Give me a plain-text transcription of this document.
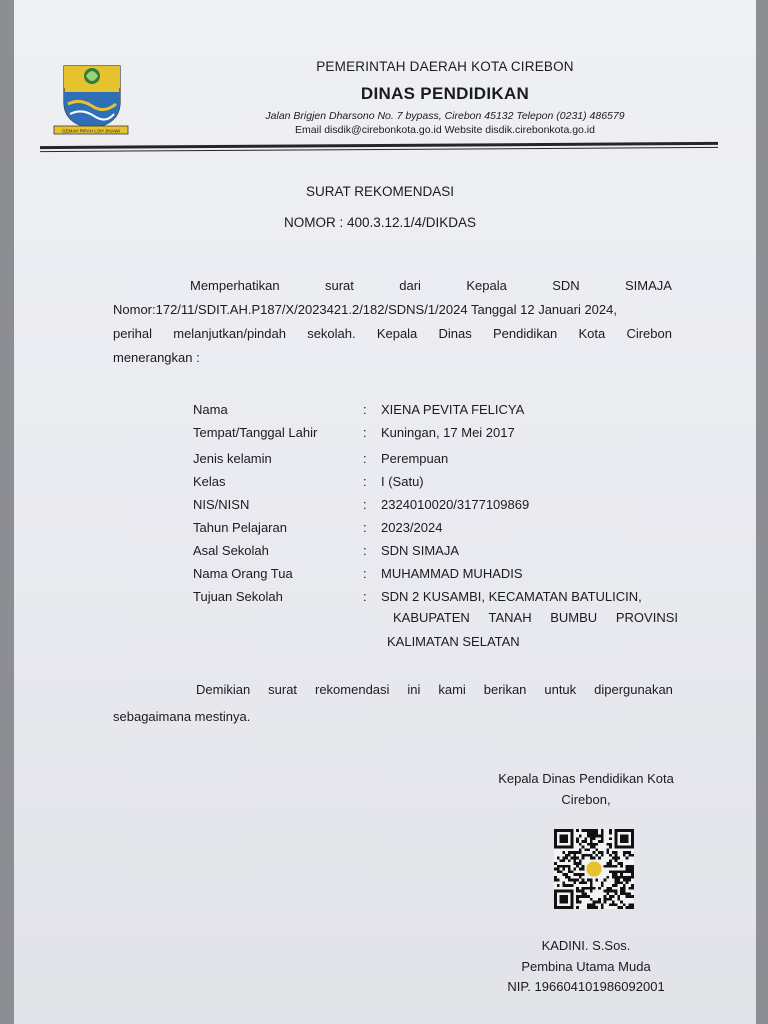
GEMAH RIPAH LOH JINAWI
PEMERINTAH DAERAH KOTA CIREBON
DINAS PENDIDIKAN
Jalan Brigjen Dharsono No. 7 bypass, Cirebon 45132 Telepon (0231) 486579
Email disdik@cirebonkota.go.id Website disdik.cirebonkota.go.id
SURAT REKOMENDASI
NOMOR : 400.3.12.1/4/DIKDAS
Memperhatikan	surat	dari	Kepala	SDN	SIMAJA
Nomor:172/11/SDIT.AH.P187/X/2023421.2/182/SDNS/1/2024 Tanggal 12 Januari 2024,
perihal melanjutkan/pindah sekolah. Kepala Dinas Pendidikan Kota Cirebon
menerangkan :
Nama	: XIENA PEVITA FELICYA
Tempat/Tanggal Lahir	: Kuningan, 17 Mei 2017
Jenis kelamin	: Perempuan
Kelas	: I (Satu)
NIS/NISN	: 2324010020/3177109869
Tahun Pelajaran	: 2023/2024
Asal Sekolah	: SDN SIMAJA
Nama Orang Tua	: MUHAMMAD MUHADIS
Tujuan Sekolah	: SDN 2 KUSAMBI, KECAMATAN BATULICIN,
KABUPATEN TANAH BUMBU PROVINSI
KALIMATAN SELATAN
Demikian surat rekomendasi ini kami berikan untuk dipergunakan
sebagaimana mestinya.
Kepala Dinas Pendidikan Kota
Cirebon,
KADINI. S.Sos.
Pembina Utama Muda
NIP. 196604101986092001
